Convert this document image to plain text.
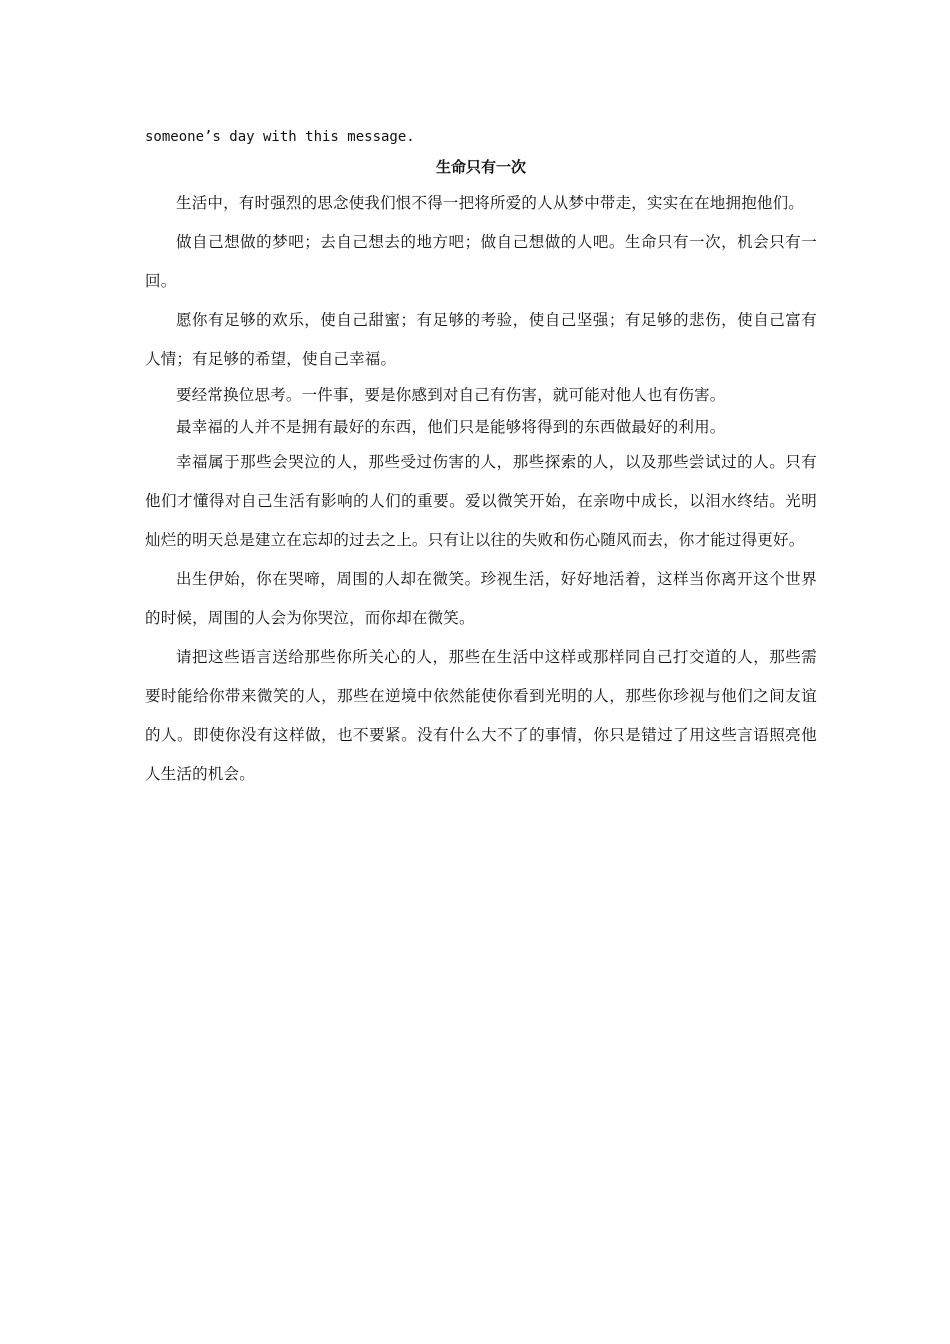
someone’s day with this message.

生命只有一次

生活中，有时强烈的思念使我们恨不得一把将所爱的人从梦中带走，实实在在地拥抱他们。

做自己想做的梦吧；去自己想去的地方吧；做自己想做的人吧。生命只有一次，机会只有一回。

愿你有足够的欢乐，使自己甜蜜；有足够的考验，使自己坚强；有足够的悲伤，使自己富有人情；有足够的希望，使自己幸福。

要经常换位思考。一件事，要是你感到对自己有伤害，就可能对他人也有伤害。

最幸福的人并不是拥有最好的东西，他们只是能够将得到的东西做最好的利用。

幸福属于那些会哭泣的人，那些受过伤害的人，那些探索的人，以及那些尝试过的人。只有他们才懂得对自己生活有影响的人们的重要。爱以微笑开始，在亲吻中成长，以泪水终结。光明灿烂的明天总是建立在忘却的过去之上。只有让以往的失败和伤心随风而去，你才能过得更好。

出生伊始，你在哭啼，周围的人却在微笑。珍视生活，好好地活着，这样当你离开这个世界的时候，周围的人会为你哭泣，而你却在微笑。

请把这些语言送给那些你所关心的人，那些在生活中这样或那样同自己打交道的人，那些需要时能给你带来微笑的人，那些在逆境中依然能使你看到光明的人，那些你珍视与他们之间友谊的人。即使你没有这样做，也不要紧。没有什么大不了的事情，你只是错过了用这些言语照亮他人生活的机会。
